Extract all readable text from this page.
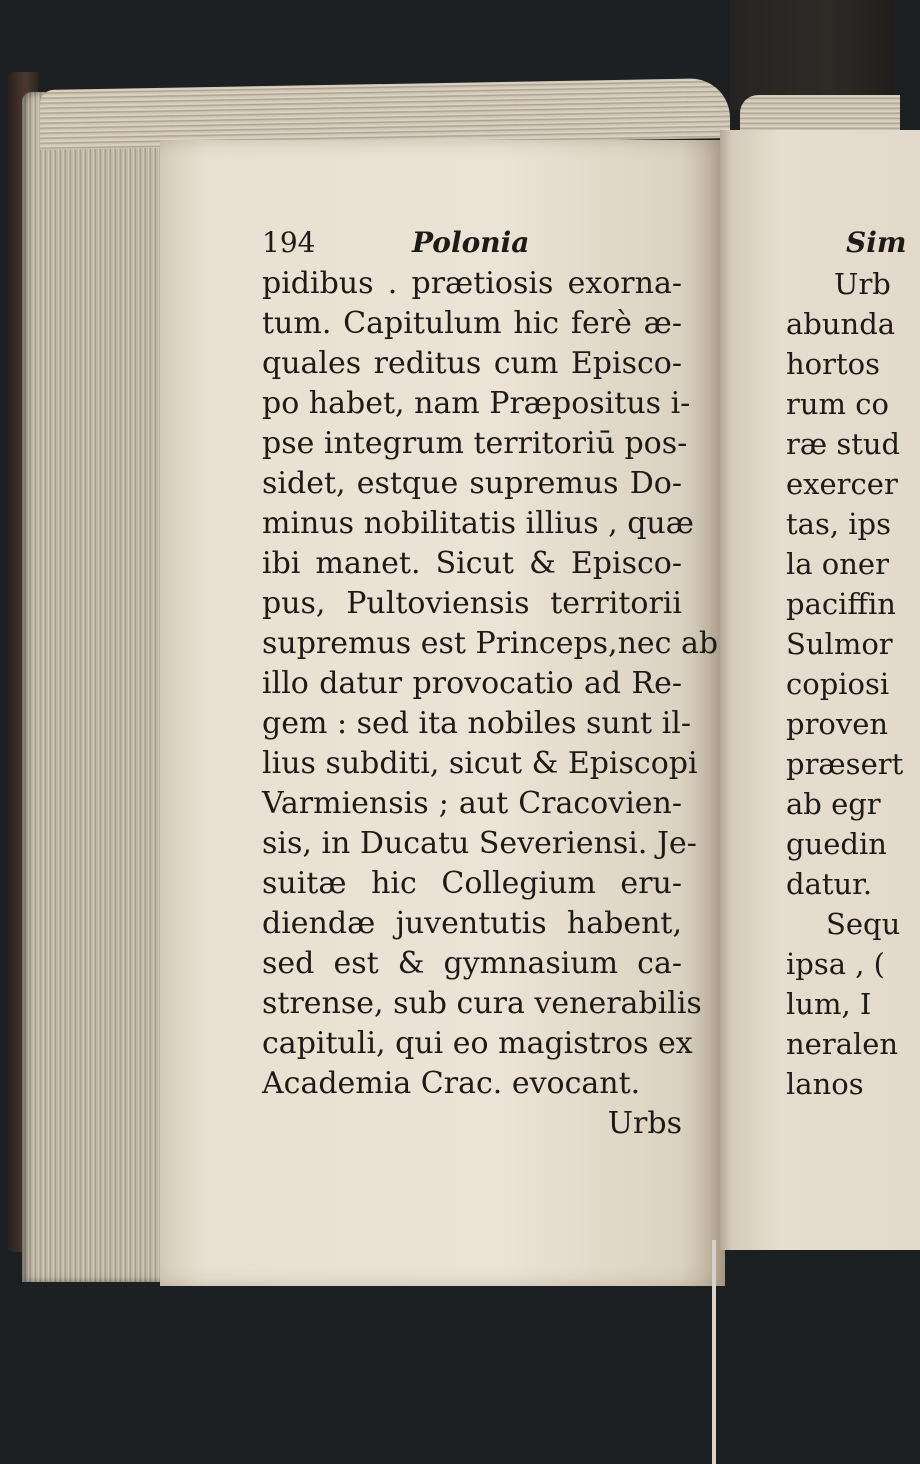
194	Polonia
pidibus . prætiosis exorna-
tum. Capitulum hic ferè æ-
quales reditus cum Episco-
po habet, nam Præpositus i-
pse integrum territoriū pos-
sidet, estque supremus Do-
minus nobilitatis illius , quæ
ibi manet. Sicut & Episco-
pus, Pultoviensis territorii
supremus est Princeps,nec ab
illo datur provocatio ad Re-
gem : sed ita nobiles sunt il-
lius subditi, sicut & Episcopi
Varmiensis ; aut Cracovien-
sis, in Ducatu Severiensi. Je-
suitæ hic Collegium eru-
diendæ juventutis habent,
sed est & gymnasium ca-
strense, sub cura venerabilis
capituli, qui eo magistros ex
Academia Crac. evocant.
Urbs
Sim
Urb
abunda
hortos
rum co
ræ stud
exercer
tas, ips
la oner
paciffin
Sulmor
copiosi
proven
præsert
ab egr
guedin
datur.
Sequ
ipsa , (
lum, I
neralen
lanos
